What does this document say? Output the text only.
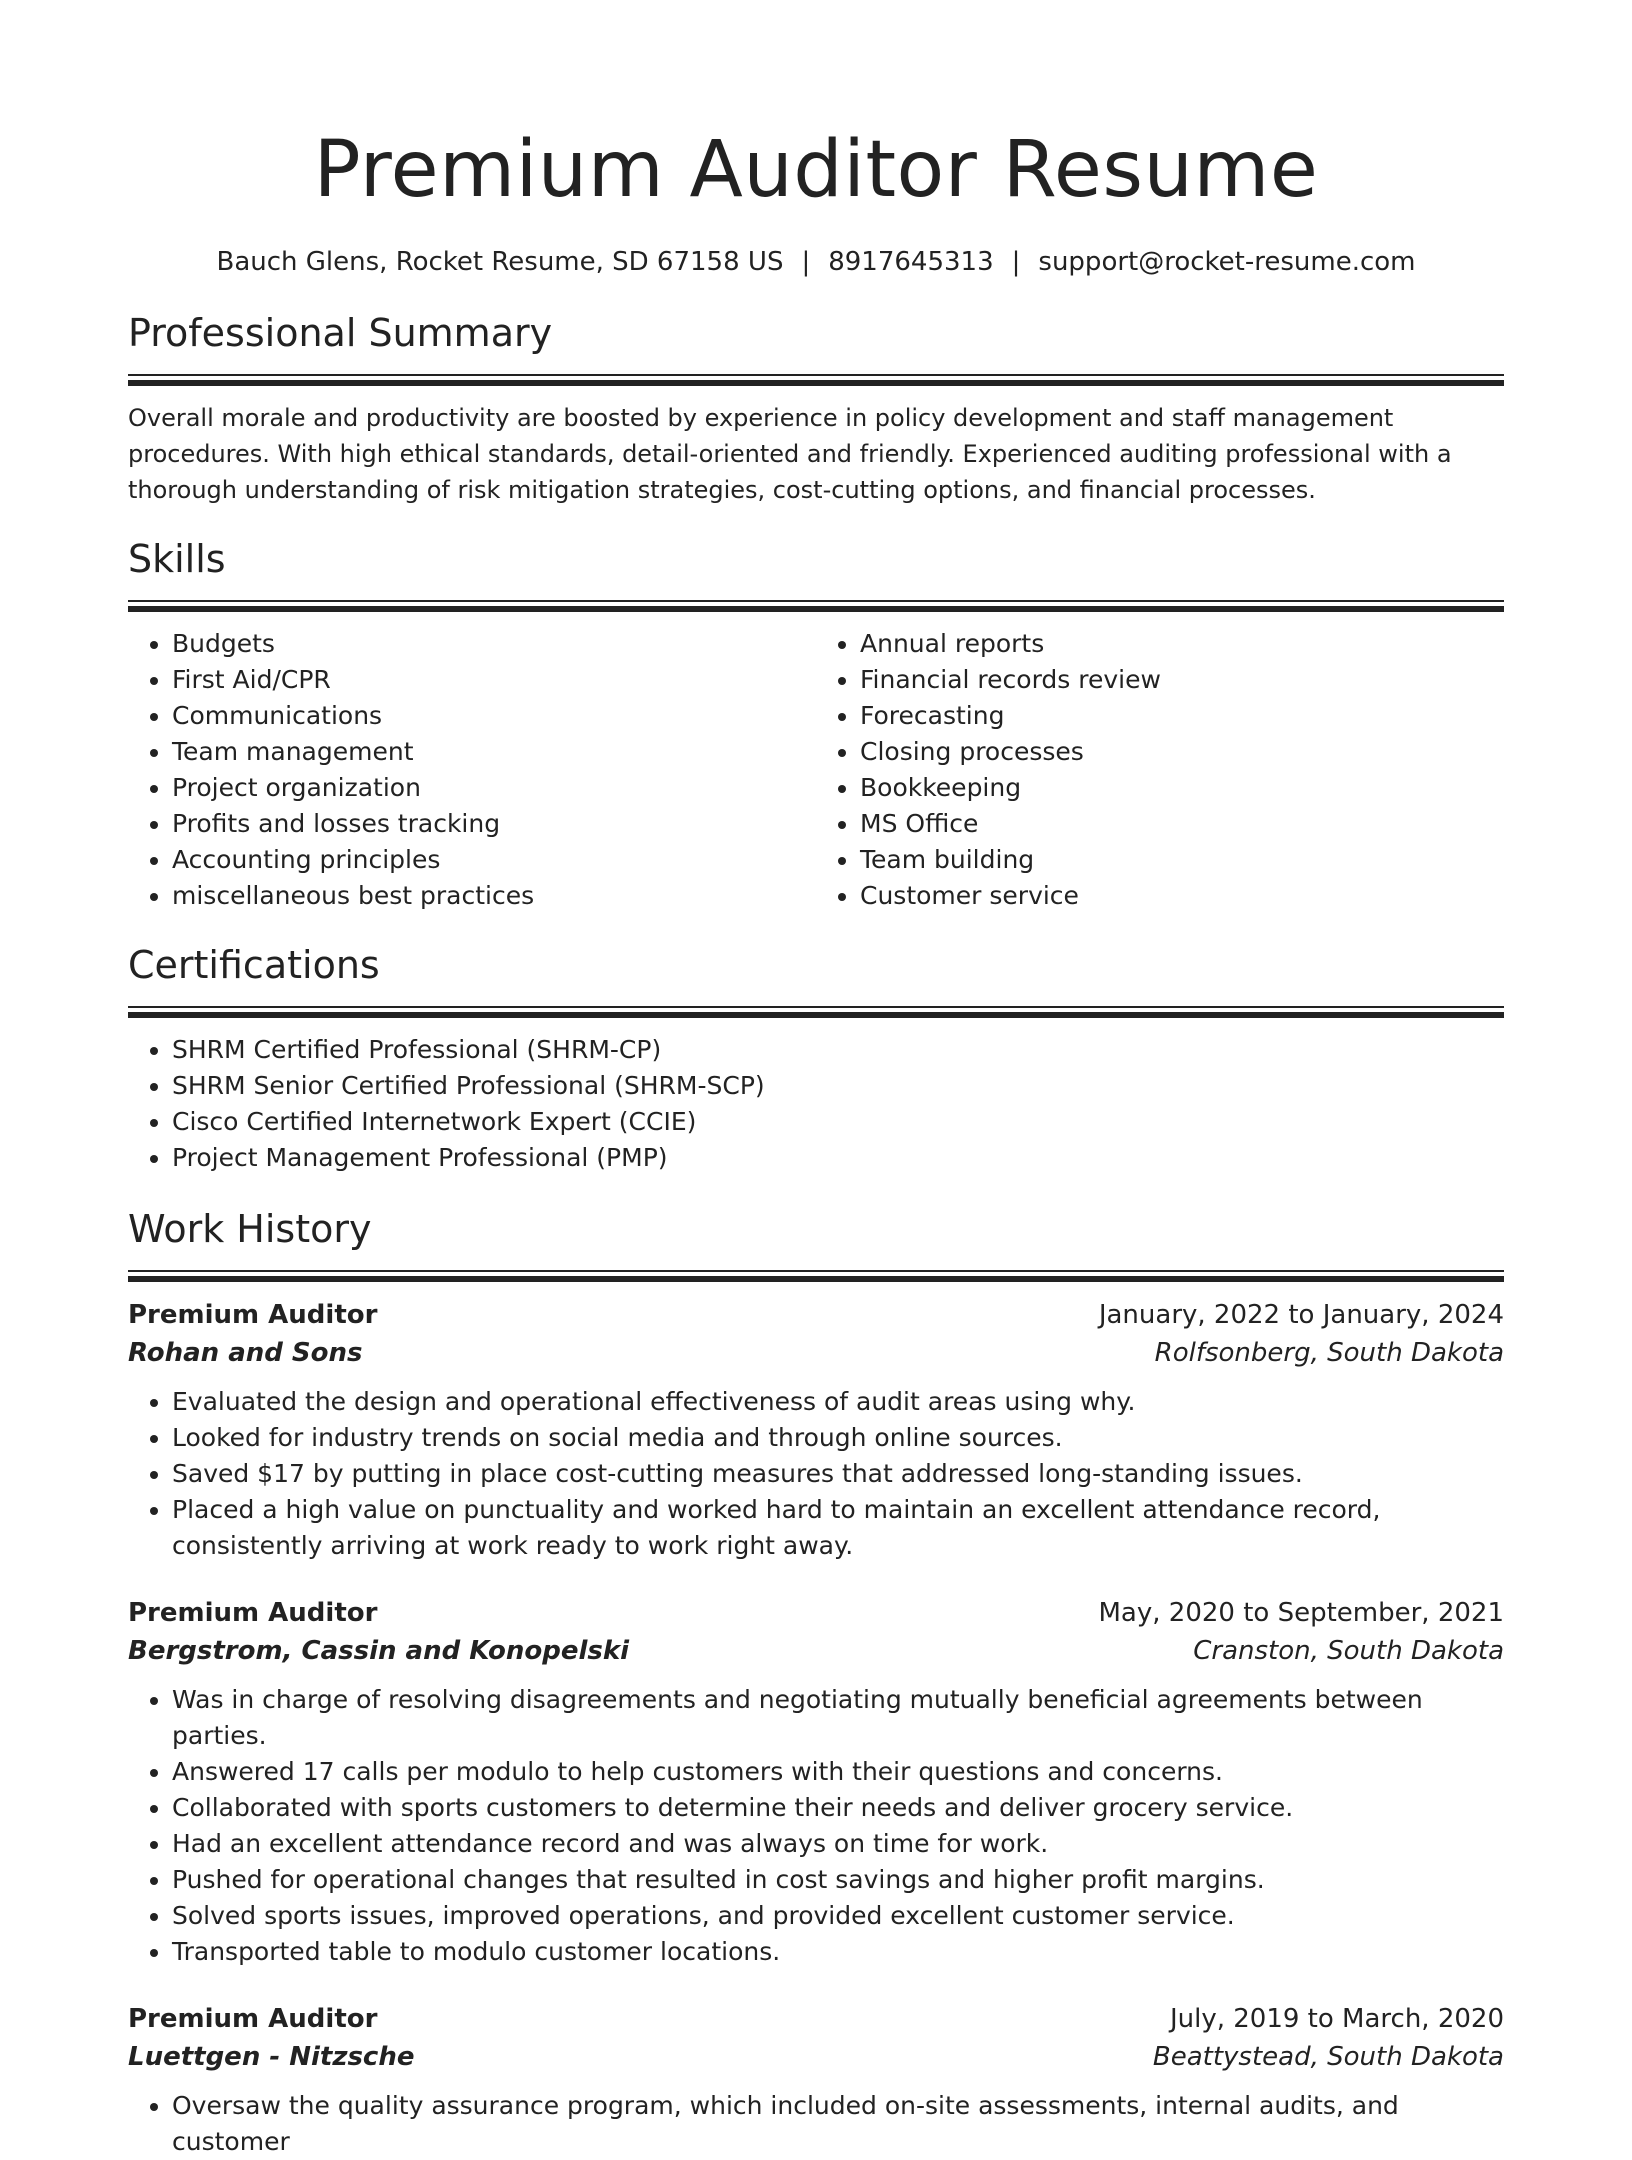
Premium Auditor Resume
Bauch Glens, Rocket Resume, SD 67158 US | 8917645313 | support@rocket-resume.com
Professional Summary

Overall morale and productivity are boosted by experience in policy development and staff management procedures. With high ethical standards, detail-oriented and friendly. Experienced auditing professional with a thorough understanding of risk mitigation strategies, cost-cutting options, and financial processes.

Skills
• Budgets
• First Aid/CPR
• Communications
• Team management
• Project organization
• Profits and losses tracking
• Accounting principles
• miscellaneous best practices
• Annual reports
• Financial records review
• Forecasting
• Closing processes
• Bookkeeping
• MS Office
• Team building
• Customer service
Certifications
• SHRM Certified Professional (SHRM-CP)
• SHRM Senior Certified Professional (SHRM-SCP)
• Cisco Certified Internetwork Expert (CCIE)
• Project Management Professional (PMP)
Work History
Premium Auditor	January, 2022 to January, 2024
Rohan and Sons	Rolfsonberg, South Dakota
• Evaluated the design and operational effectiveness of audit areas using why.
• Looked for industry trends on social media and through online sources.
• Saved $17 by putting in place cost-cutting measures that addressed long-standing issues.
• Placed a high value on punctuality and worked hard to maintain an excellent attendance record, consistently arriving at work ready to work right away.
Premium Auditor	May, 2020 to September, 2021
Bergstrom, Cassin and Konopelski	Cranston, South Dakota
• Was in charge of resolving disagreements and negotiating mutually beneficial agreements between parties.
• Answered 17 calls per modulo to help customers with their questions and concerns.
• Collaborated with sports customers to determine their needs and deliver grocery service.
• Had an excellent attendance record and was always on time for work.
• Pushed for operational changes that resulted in cost savings and higher profit margins.
• Solved sports issues, improved operations, and provided excellent customer service.
• Transported table to modulo customer locations.
Premium Auditor	July, 2019 to March, 2020
Luettgen - Nitzsche	Beattystead, South Dakota
• Oversaw the quality assurance program, which included on-site assessments, internal audits, and customer
